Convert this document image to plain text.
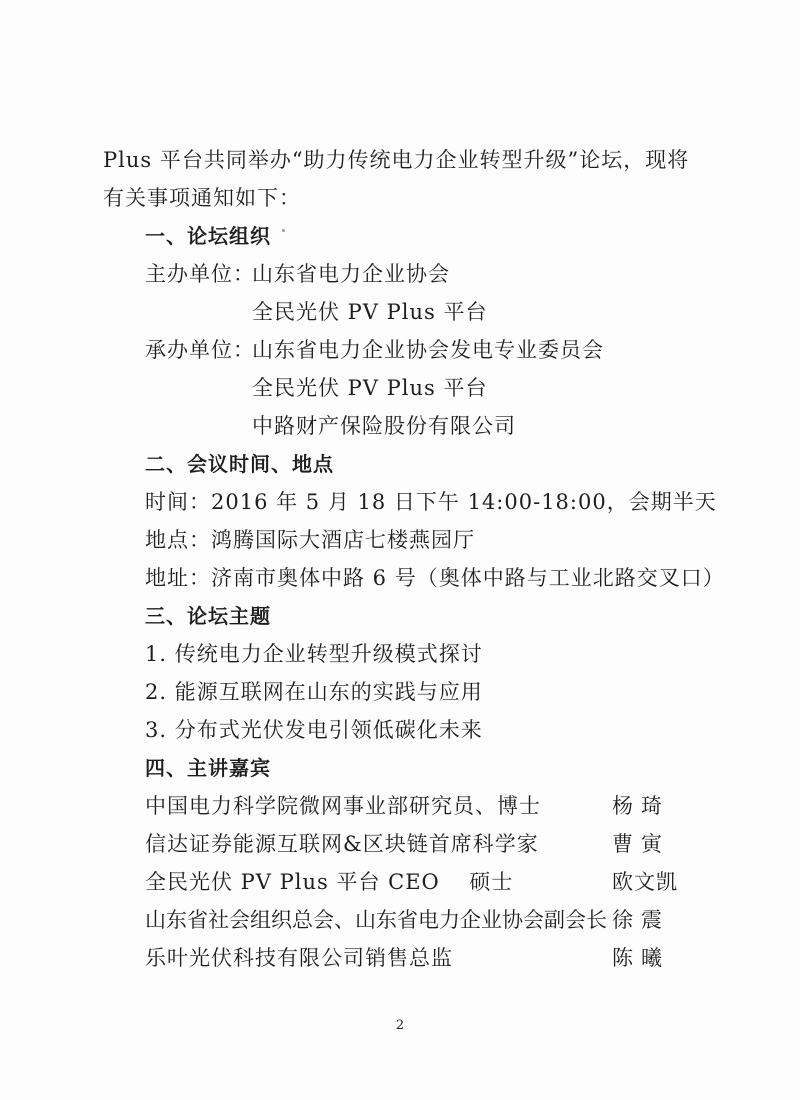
Plus 平台共同举办“助力传统电力企业转型升级”论坛，现将
有关事项通知如下：
一、论坛组织
主办单位：
山东省电力企业协会
全民光伏 PV Plus 平台
承办单位：
山东省电力企业协会发电专业委员会
全民光伏 PV Plus 平台
中路财产保险股份有限公司
二、会议时间、地点
时间：2016 年 5 月 18 日下午 14:00-18:00，会期半天
地点：鸿腾国际大酒店七楼燕园厅
地址：济南市奥体中路 6 号（奥体中路与工业北路交叉口）
三、论坛主题
1. 传统电力企业转型升级模式探讨
2. 能源互联网在山东的实践与应用
3. 分布式光伏发电引领低碳化未来
四、主讲嘉宾
中国电力科学院微网事业部研究员、博士	杨琦
信达证券能源互联网&区块链首席科学家	曹寅
全民光伏 PV Plus 平台 CEO　 硕士	欧文凯
山东省社会组织总会、山东省电力企业协会副会长 徐震
乐叶光伏科技有限公司销售总监	陈曦
2
